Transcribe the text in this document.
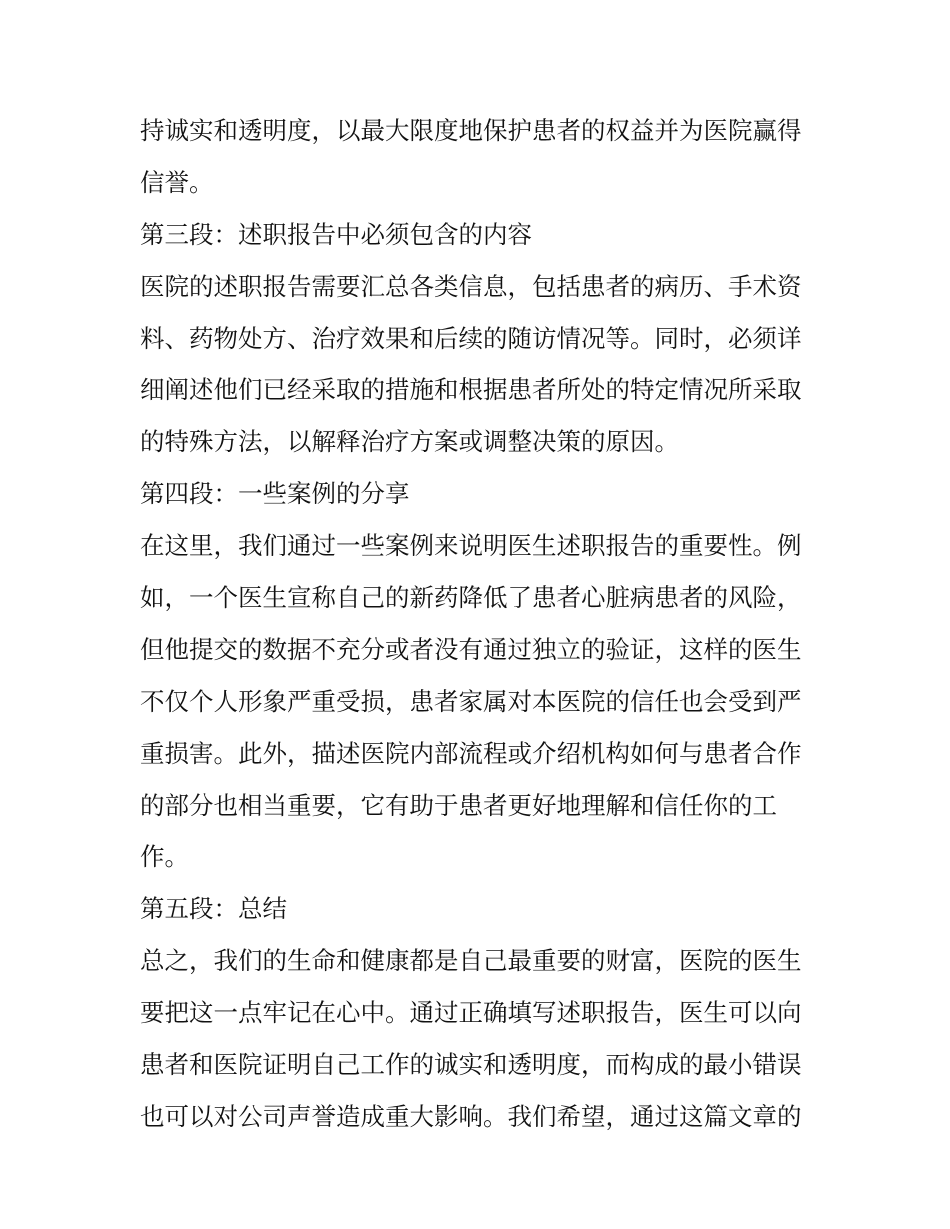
持诚实和透明度，以最大限度地保护患者的权益并为医院赢得

信誉。

第三段：述职报告中必须包含的内容

医院的述职报告需要汇总各类信息，包括患者的病历、手术资

料、药物处方、治疗效果和后续的随访情况等。同时，必须详

细阐述他们已经采取的措施和根据患者所处的特定情况所采取

的特殊方法，以解释治疗方案或调整决策的原因。

第四段：一些案例的分享

在这里，我们通过一些案例来说明医生述职报告的重要性。例

如，一个医生宣称自己的新药降低了患者心脏病患者的风险，

但他提交的数据不充分或者没有通过独立的验证，这样的医生

不仅个人形象严重受损，患者家属对本医院的信任也会受到严

重损害。此外，描述医院内部流程或介绍机构如何与患者合作

的部分也相当重要，它有助于患者更好地理解和信任你的工

作。

第五段：总结

总之，我们的生命和健康都是自己最重要的财富，医院的医生

要把这一点牢记在心中。通过正确填写述职报告，医生可以向

患者和医院证明自己工作的诚实和透明度，而构成的最小错误

也可以对公司声誉造成重大影响。我们希望，通过这篇文章的
